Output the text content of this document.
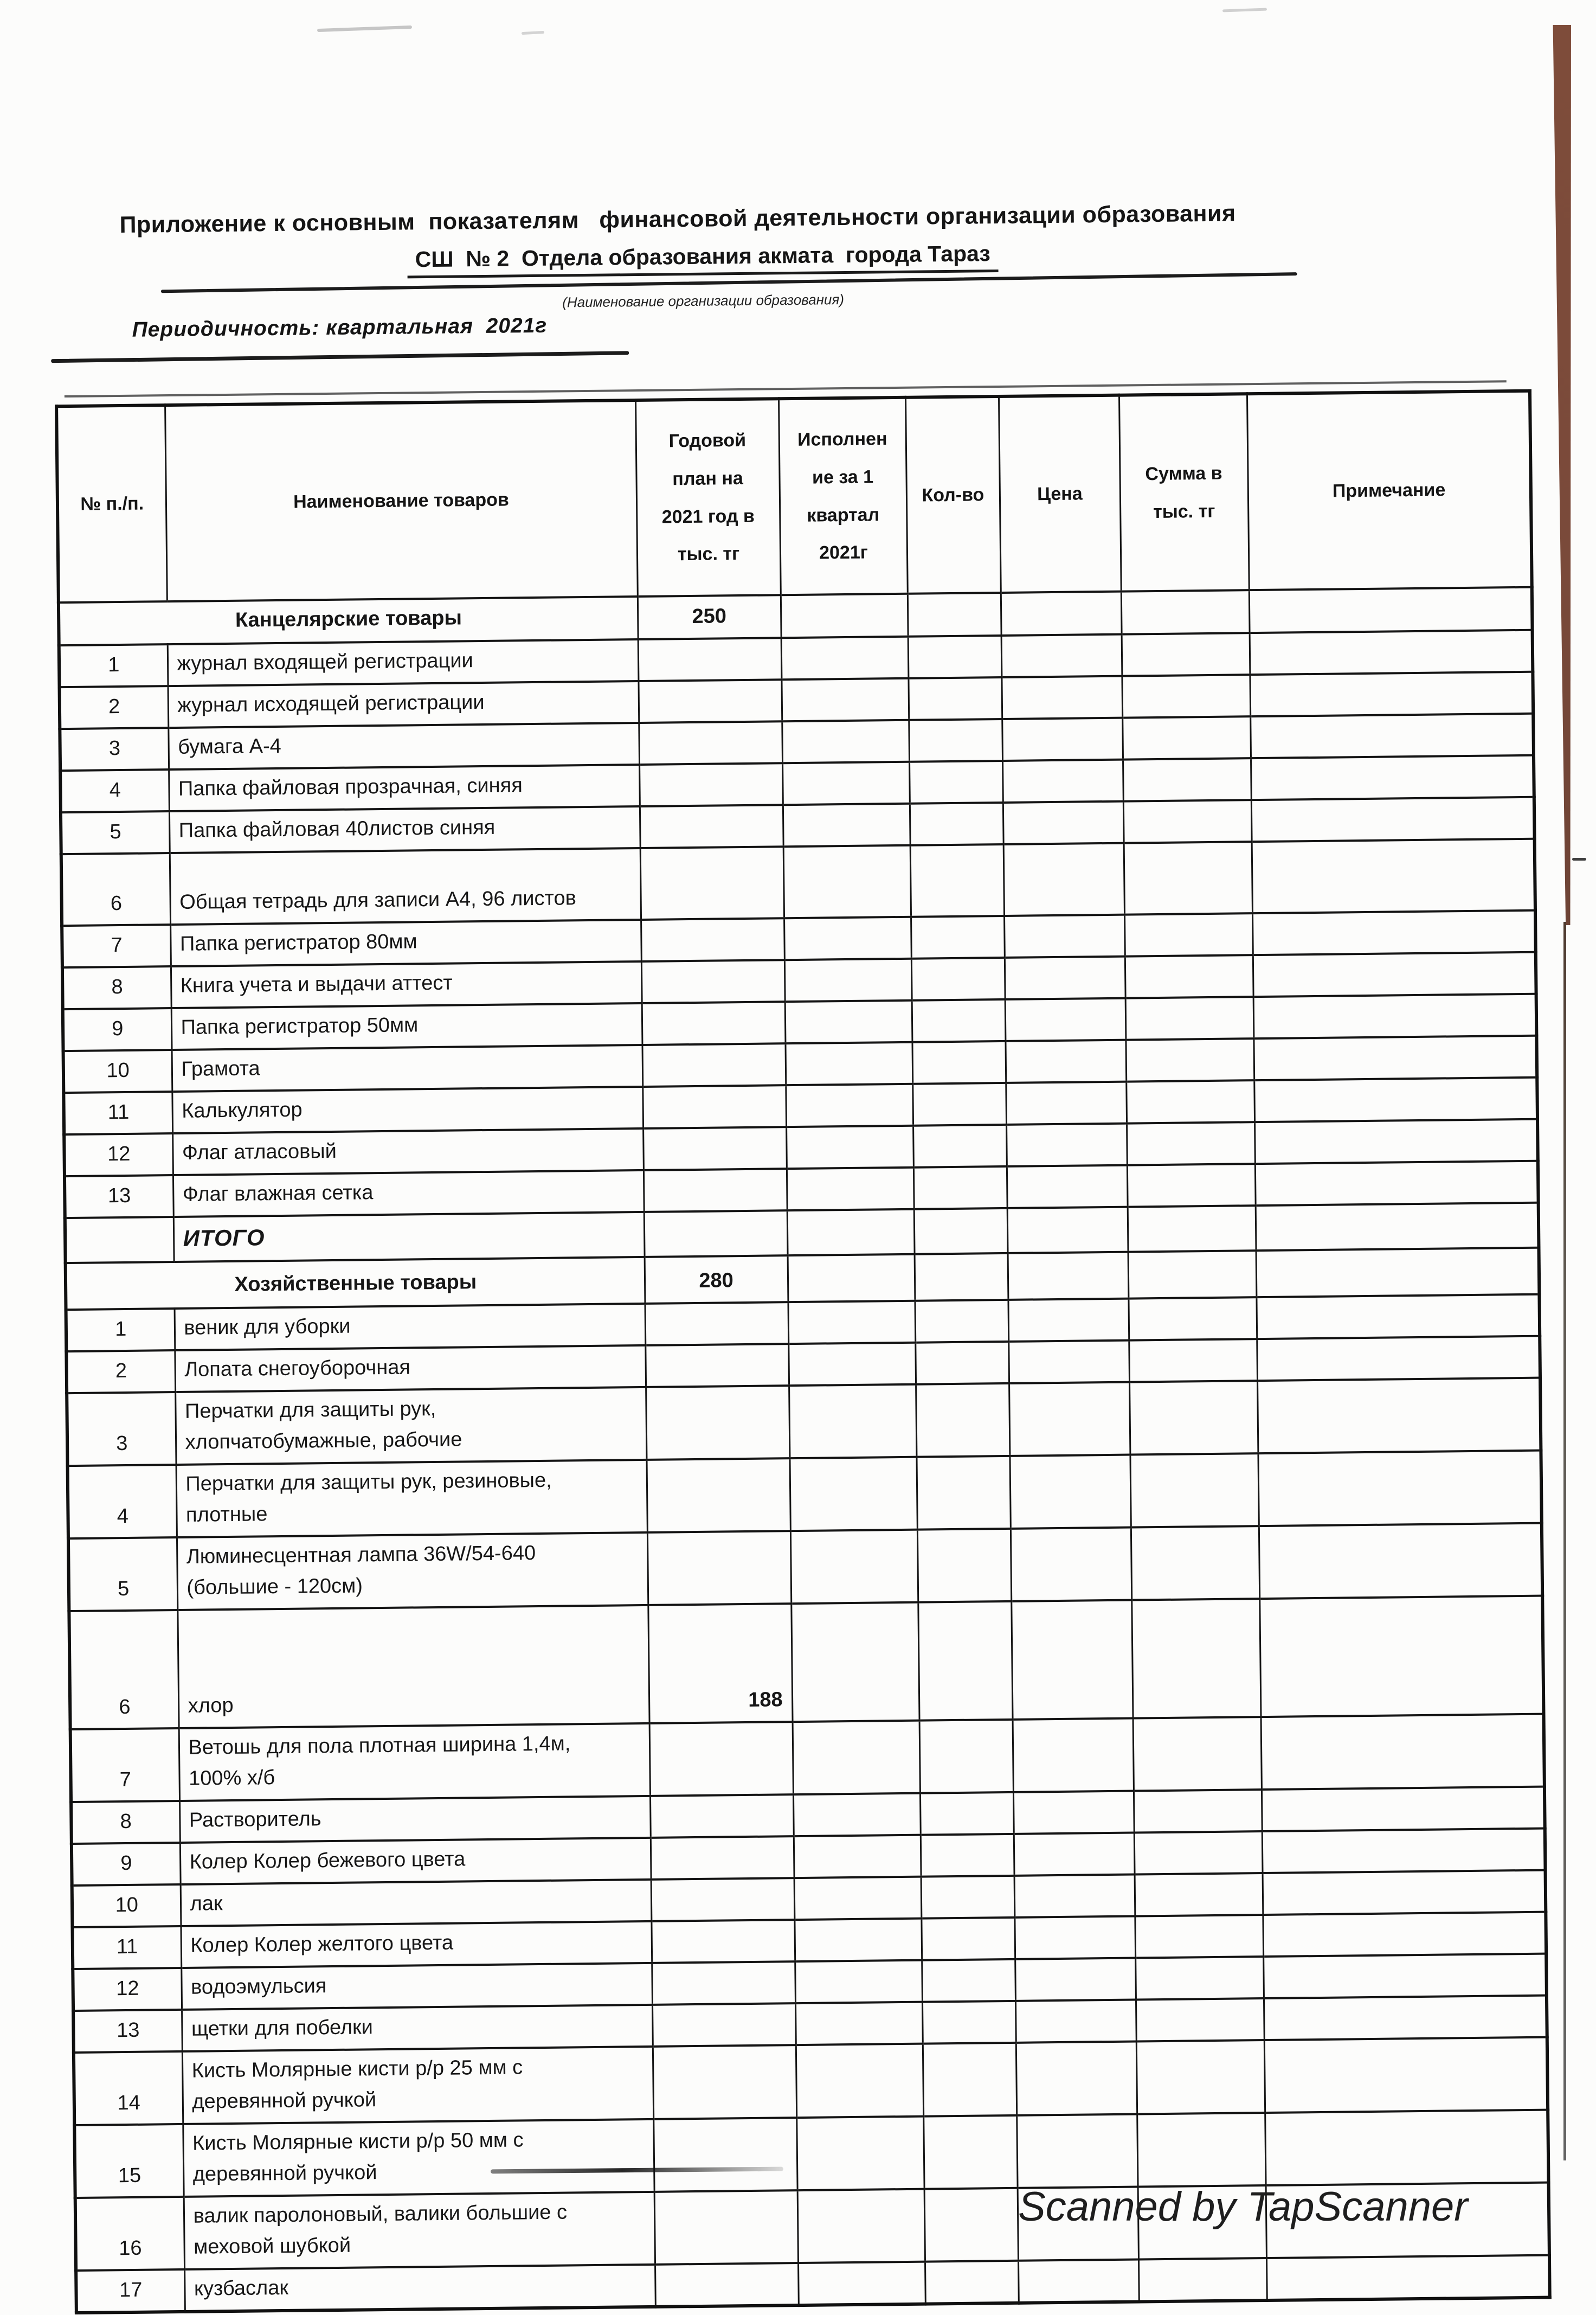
Приложение к основным  показателям   финансовой деятельности организации образования
СШ  № 2  Отдела образования акмата  города Тараз
(Наименование организации образования)
Периодичность: квартальная  2021г
№ п./п.	Наименование товаров	Годовой
план на
2021 год в
тыс. тг	Исполнен
ие за 1
квартал
2021г	Кол-во	Цена	Сумма в
тыс. тг	Примечание
Канцелярские товары		250					
1	журнал входящей регистрации						
2	журнал исходящей регистрации						
3	бумага А-4						
4	Папка файловая прозрачная, синяя						
5	Папка файловая 40листов синяя						
6	Общая тетрадь для записи А4, 96 листов						
7	Папка регистратор 80мм						
8	Книга учета и выдачи аттест						
9	Папка регистратор 50мм						
10	Грамота						
11	Калькулятор						
12	Флаг атласовый						
13	Флаг влажная сетка						
	ИТОГО						
Хозяйственные товары		280					
1	веник для уборки						
2	Лопата снегоуборочная						
3	Перчатки для защиты рук,
хлопчатобумажные, рабочие						
4	Перчатки для защиты рук, резиновые,
плотные						
5	Люминесцентная лампа 36W/54-640
(большие - 120см)						
6	хлор	188					
7	Ветошь для пола плотная ширина 1,4м,
100% х/б						
8	Растворитель						
9	Колер Колер бежевого цвета						
10	лак						
11	Колер Колер желтого цвета						
12	водоэмульсия						
13	щетки для побелки						
14	Кисть Молярные кисти р/р 25 мм с
деревянной ручкой						
15	Кисть Молярные кисти р/р 50 мм с
деревянной ручкой						
16	валик паролоновый, валики большие с
меховой шубкой						
17	кузбаслак						
Scanned by TapScanner
